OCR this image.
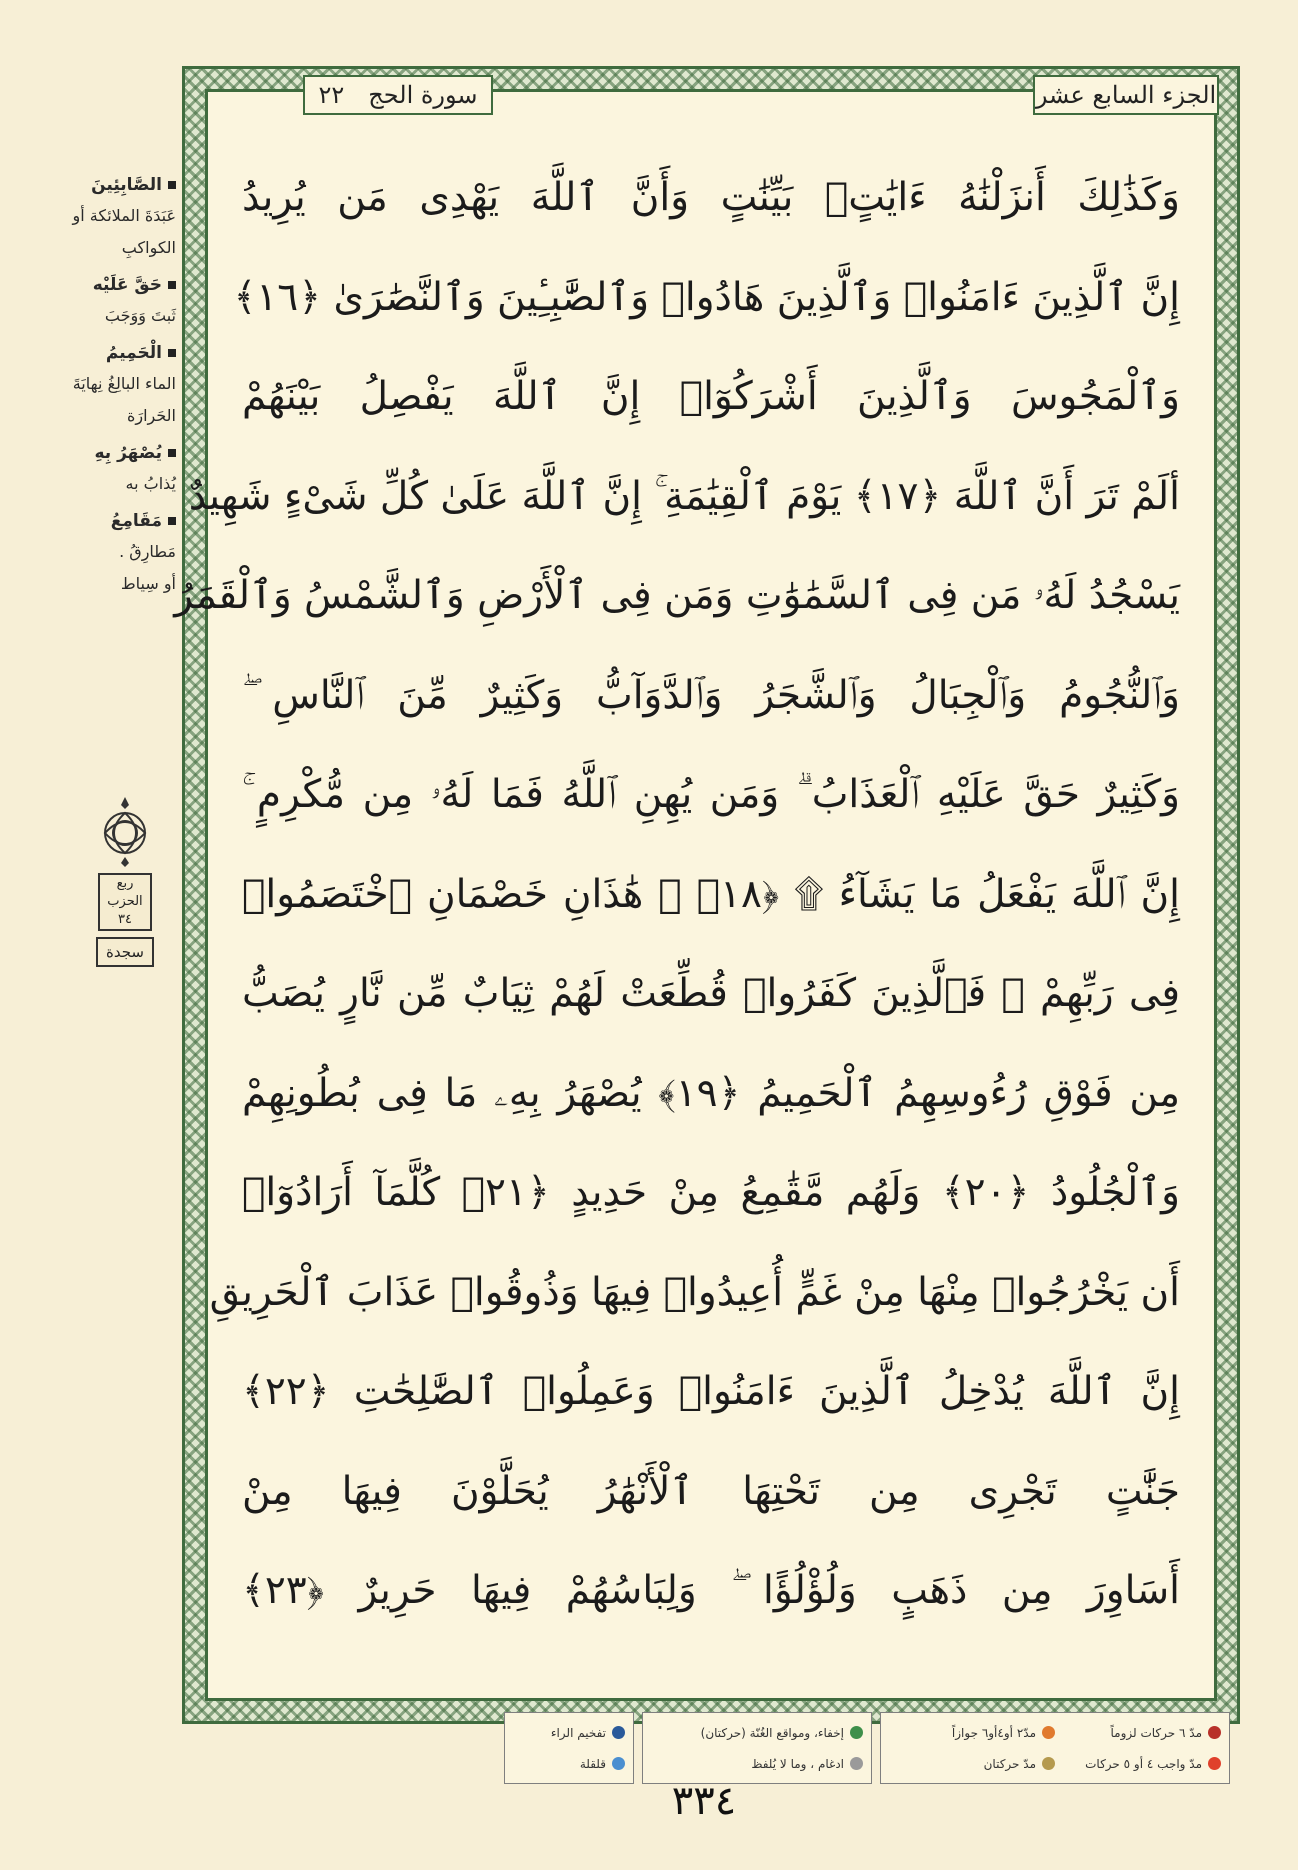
الصَّابِئِينَ
عَبَدَةَ الملائكة أو
الكواكبِ
حَقَّ عَلَيْه
ثَبتَ وَوَجَبَ
الْحَمِيمُ
الماء البالِغُ نِهايَةَ
الحَرارَة
يُصْهَرُ بِهِ
يُذابُ به
مَقَامِعُ
مَطارِقُ .
أو سِياط
ربع
الحزب
٣٤
سجدة
وَكَذَٰلِكَ أَنزَلْنَٰهُ ءَايَٰتٍۭ بَيِّنَٰتٍ وَأَنَّ ٱللَّهَ يَهْدِى مَن يُرِيدُ
إِنَّ ٱلَّذِينَ ءَامَنُوا۟ وَٱلَّذِينَ هَادُوا۟ وَٱلصَّٰبِـِٔينَ وَٱلنَّصَٰرَىٰ ﴿١٦﴾
وَٱلْمَجُوسَ وَٱلَّذِينَ أَشْرَكُوٓا۟ إِنَّ ٱللَّهَ يَفْصِلُ بَيْنَهُمْ
ألَمْ تَرَ أَنَّ ٱللَّهَ ﴿١٧﴾ يَوْمَ ٱلْقِيَٰمَةِ ۚ إِنَّ ٱللَّهَ عَلَىٰ كُلِّ شَىْءٍ شَهِيدٌ
يَسْجُدُ لَهُۥ مَن فِى ٱلسَّمَٰوَٰتِ وَمَن فِى ٱلْأَرْضِ وَٱلشَّمْسُ وَٱلْقَمَرُ
وَٱلنُّجُومُ وَٱلْجِبَالُ وَٱلشَّجَرُ وَٱلدَّوَآبُّ وَكَثِيرٌ مِّنَ ٱلنَّاسِ ۖ
وَكَثِيرٌ حَقَّ عَلَيْهِ ٱلْعَذَابُ ۗ وَمَن يُهِنِ ٱللَّهُ فَمَا لَهُۥ مِن مُّكْرِمٍ ۚ
إِنَّ ٱللَّهَ يَفْعَلُ مَا يَشَآءُ ۩ ﴿١٨﴾ ۞ هَٰذَانِ خَصْمَانِ ٱخْتَصَمُوا۟
فِى رَبِّهِمْ ۖ فَٱلَّذِينَ كَفَرُوا۟ قُطِّعَتْ لَهُمْ ثِيَابٌ مِّن نَّارٍ يُصَبُّ
مِن فَوْقِ رُءُوسِهِمُ ٱلْحَمِيمُ ﴿١٩﴾ يُصْهَرُ بِهِۦ مَا فِى بُطُونِهِمْ
وَٱلْجُلُودُ ﴿٢٠﴾ وَلَهُم مَّقَٰمِعُ مِنْ حَدِيدٍ ﴿٢١﴾ كُلَّمَآ أَرَادُوٓا۟
أَن يَخْرُجُوا۟ مِنْهَا مِنْ غَمٍّ أُعِيدُوا۟ فِيهَا وَذُوقُوا۟ عَذَابَ ٱلْحَرِيقِ
إِنَّ ٱللَّهَ يُدْخِلُ ٱلَّذِينَ ءَامَنُوا۟ وَعَمِلُوا۟ ٱلصَّٰلِحَٰتِ ﴿٢٢﴾
جَنَّٰتٍ تَجْرِى مِن تَحْتِهَا ٱلْأَنْهَٰرُ يُحَلَّوْنَ فِيهَا مِنْ
أَسَاوِرَ مِن ذَهَبٍ وَلُؤْلُؤًا ۖ وَلِبَاسُهُمْ فِيهَا حَرِيرٌ ﴿٢٣﴾
الجزء السابع عشر
سورة الحج
٢٢
مدّ ٦ حركات لزوماً
مدّ٢ أو٤أو٦ جوازاً
مدّ واجب ٤ أو ٥ حركات
مدّ حركتان
إخفاء، ومواقع الغُنّة (حركتان)
ادغام ، وما لا يُلفظ
تفخيم الراء
قلقلة
٣٣٤
